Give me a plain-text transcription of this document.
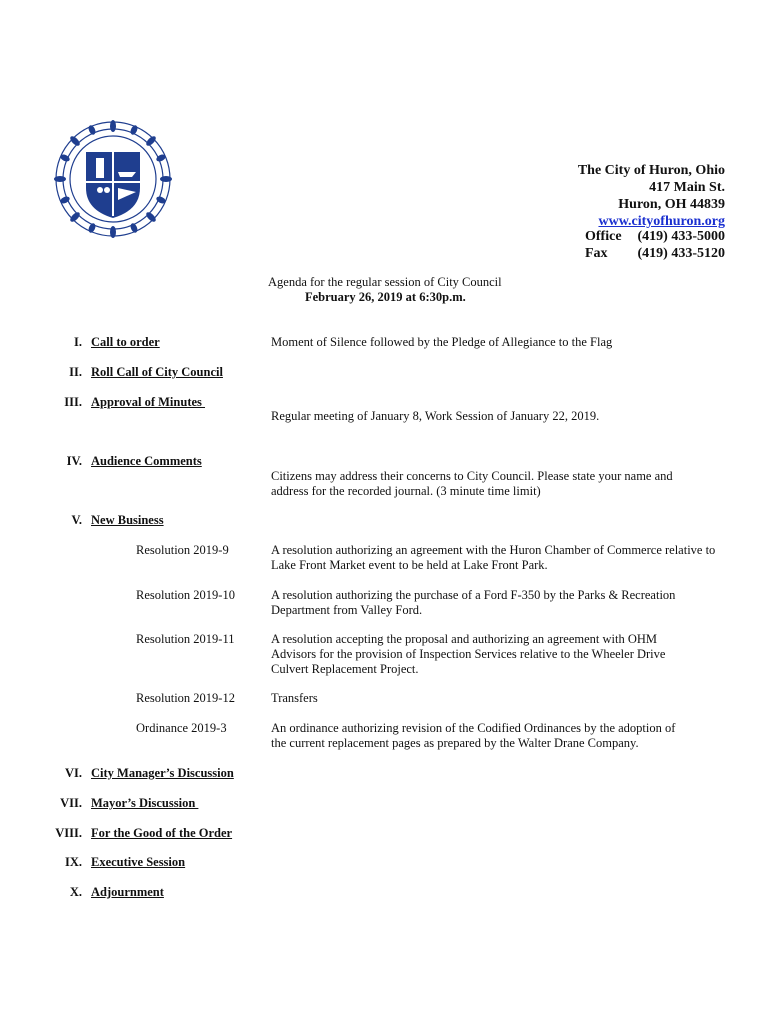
The City of Huron, Ohio
417 Main St.
Huron, OH 44839
www.cityofhuron.org
Office (419) 433-5000
Fax (419) 433-5120
Agenda for the regular session of City Council
February 26, 2019 at 6:30p.m.
I. Call to order	Moment of Silence followed by the Pledge of Allegiance to the Flag
II. Roll Call of City Council
III. Approval of Minutes
Regular meeting of January 8, Work Session of January 22, 2019.
IV. Audience Comments
Citizens may address their concerns to City Council. Please state your name and address for the recorded journal. (3 minute time limit)
V. New Business
Resolution 2019-9	A resolution authorizing an agreement with the Huron Chamber of Commerce relative to Lake Front Market event to be held at Lake Front Park.
Resolution 2019-10	A resolution authorizing the purchase of a Ford F-350 by the Parks & Recreation Department from Valley Ford.
Resolution 2019-11	A resolution accepting the proposal and authorizing an agreement with OHM Advisors for the provision of Inspection Services relative to the Wheeler Drive Culvert Replacement Project.
Resolution 2019-12	Transfers
Ordinance 2019-3	An ordinance authorizing revision of the Codified Ordinances by the adoption of the current replacement pages as prepared by the Walter Drane Company.
VI. City Manager’s Discussion
VII. Mayor’s Discussion
VIII. For the Good of the Order
IX. Executive Session
X. Adjournment
